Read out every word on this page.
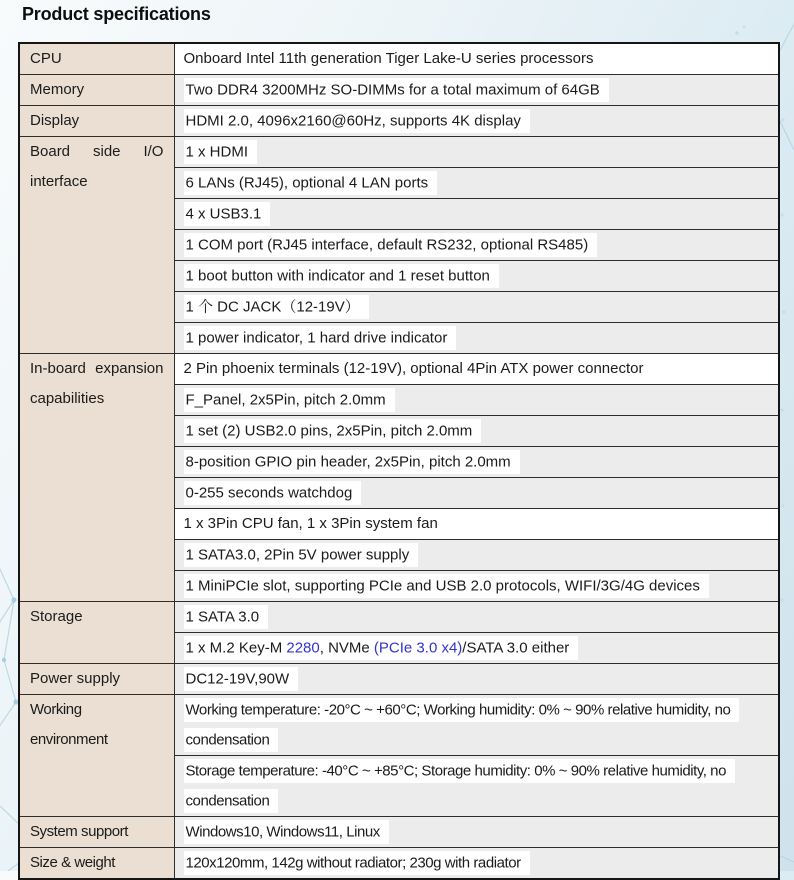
Product specifications
CPU	Onboard Intel 11th generation Tiger Lake-U series processors
Memory	Two DDR4 3200MHz SO-DIMMs for a total maximum of 64GB
Display	HDMI 2.0, 4096x2160@60Hz, supports 4K display

Board side I/O
interface	1 x HDMI
	6 LANs (RJ45), optional 4 LAN ports
	4 x USB3.1
	1 COM port (RJ45 interface, default RS232, optional RS485)
	1 boot button with indicator and 1 reset button
	1 个 DC JACK（12-19V）
	1 power indicator, 1 hard drive indicator

In-board expansion
capabilities	2 Pin phoenix terminals (12-19V), optional 4Pin ATX power connector
	F_Panel, 2x5Pin, pitch 2.0mm
	1 set (2) USB2.0 pins, 2x5Pin, pitch 2.0mm
	8-position GPIO pin header, 2x5Pin, pitch 2.0mm
	0-255 seconds watchdog
	1 x 3Pin CPU fan, 1 x 3Pin system fan
	1 SATA3.0, 2Pin 5V power supply
	1 MiniPCIe slot, supporting PCIe and USB 2.0 protocols, WIFI/3G/4G devices
Storage	1 SATA 3.0
	1 x M.2 Key-M 2280, NVMe (PCIe 3.0 x4)/SATA 3.0 either
Power supply	DC12-19V,90W

Working
environment	Working temperature: -20°C ~ +60°C; Working humidity: 0% ~ 90% relative humidity, no condensation
	Storage temperature: -40°C ~ +85°C; Storage humidity: 0% ~ 90% relative humidity, no condensation
System support	Windows10, Windows11, Linux
Size & weight	120x120mm, 142g without radiator; 230g with radiator
